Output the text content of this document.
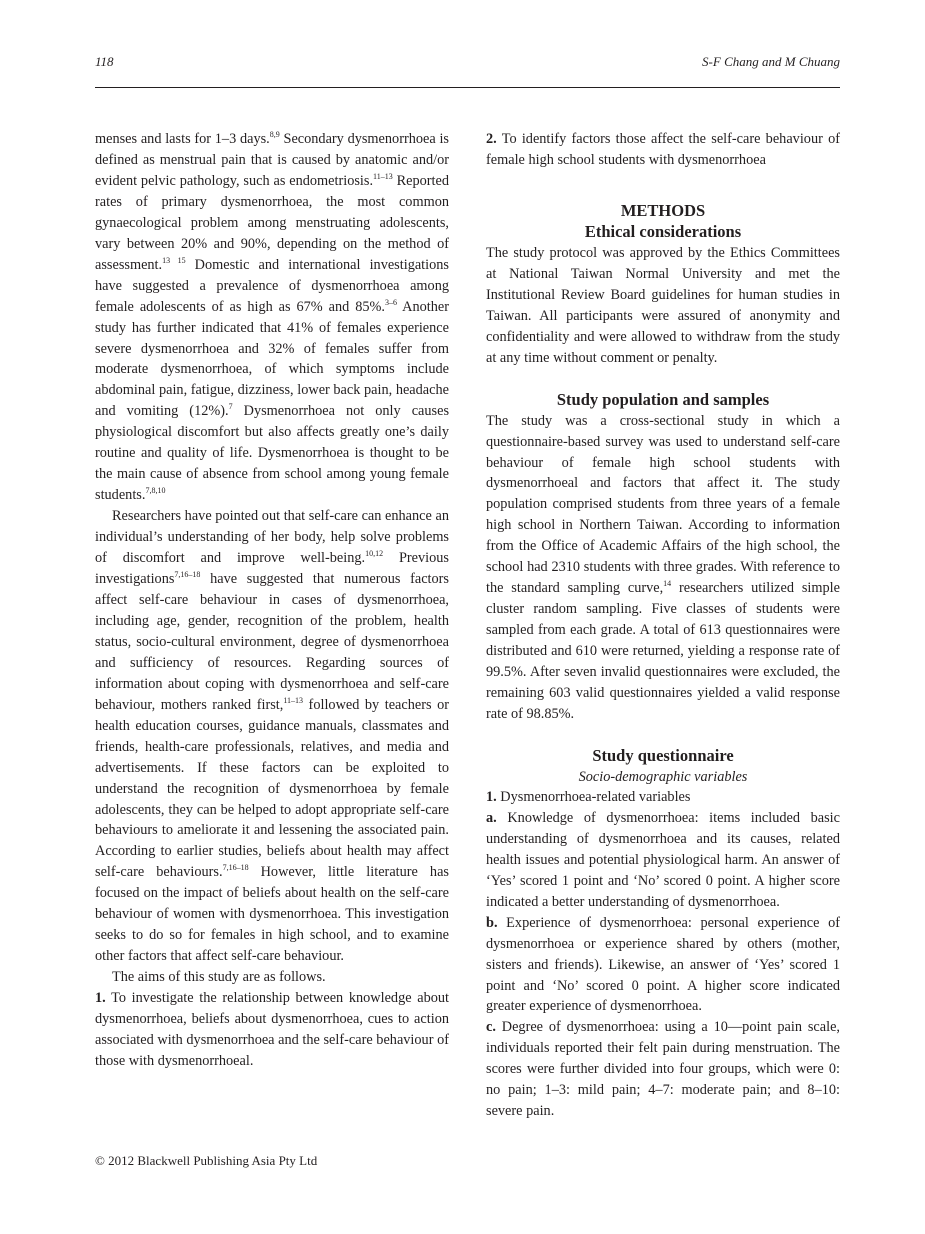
118	S-F Chang and M Chuang

menses and lasts for 1–3 days.$^{8,9}$ Secondary dysmenorrhoea is defined as menstrual pain that is caused by anatomic and/or evident pelvic pathology, such as endometriosis.$^{11-13}$ Reported rates of primary dysmenorrhoea, the most common gynaecological problem among menstruating adolescents, vary between 20% and 90%, depending on the method of assessment.$^{13 15}$ Domestic and international investigations have suggested a prevalence of dysmenorrhoea among female adolescents of as high as 67% and 85%.$^{3-6}$ Another study has further indicated that 41% of females experience severe dysmenorrhoea and 32% of females suffer from moderate dysmenorrhoea, of which symptoms include abdominal pain, fatigue, dizziness, lower back pain, headache and vomiting (12%).$^7$ Dysmenorrhoea not only causes physiological discomfort but also affects greatly one’s daily routine and quality of life. Dysmenorrhoea is thought to be the main cause of absence from school among young female students.$^{7,8,10}$

Researchers have pointed out that self-care can enhance an individual’s understanding of her body, help solve problems of discomfort and improve well-being.$^{10,12}$ Previous investigations$^{7,16-18}$ have suggested that numerous factors affect self-care behaviour in cases of dysmenorrhoea, including age, gender, recognition of the problem, health status, socio-cultural environment, degree of dysmenorrhoea and sufficiency of resources. Regarding sources of information about coping with dysmenorrhoea and self-care behaviour, mothers ranked first,$^{11-13}$ followed by teachers or health education courses, guidance manuals, classmates and friends, health-care professionals, relatives, and media and advertisements. If these factors can be exploited to understand the recognition of dysmenorrhoea by female adolescents, they can be helped to adopt appropriate self-care behaviours to ameliorate it and lessening the associated pain. According to earlier studies, beliefs about health may affect self-care behaviours.$^{7,16-18}$ However, little literature has focused on the impact of beliefs about health on the self-care behaviour of women with dysmenorrhoea. This investigation seeks to do so for females in high school, and to examine other factors that affect self-care behaviour.

The aims of this study are as follows.

1. To investigate the relationship between knowledge about dysmenorrhoea, beliefs about dysmenorrhoea, cues to action associated with dysmenorrhoea and the self-care behaviour of those with dysmenorrhoeal.

2. To identify factors those affect the self-care behaviour of female high school students with dysmenorrhoea

METHODS
Ethical considerations

The study protocol was approved by the Ethics Committees at National Taiwan Normal University and met the Institutional Review Board guidelines for human studies in Taiwan. All participants were assured of anonymity and confidentiality and were allowed to withdraw from the study at any time without comment or penalty.

Study population and samples

The study was a cross-sectional study in which a questionnaire-based survey was used to understand self-care behaviour of female high school students with dysmenorrhoeal and factors that affect it. The study population comprised students from three years of a female high school in Northern Taiwan. According to information from the Office of Academic Affairs of the high school, the school had 2310 students with three grades. With reference to the standard sampling curve,$^{14}$ researchers utilized simple cluster random sampling. Five classes of students were sampled from each grade. A total of 613 questionnaires were distributed and 610 were returned, yielding a response rate of 99.5%. After seven invalid questionnaires were excluded, the remaining 603 valid questionnaires yielded a valid response rate of 98.85%.

Study questionnaire
Socio-demographic variables

1. Dysmenorrhoea-related variables

a. Knowledge of dysmenorrhoea: items included basic understanding of dysmenorrhoea and its causes, related health issues and potential physiological harm. An answer of ‘Yes’ scored 1 point and ‘No’ scored 0 point. A higher score indicated a better understanding of dysmenorrhoea.

b. Experience of dysmenorrhoea: personal experience of dysmenorrhoea or experience shared by others (mother, sisters and friends). Likewise, an answer of ‘Yes’ scored 1 point and ‘No’ scored 0 point. A higher score indicated greater experience of dysmenorrhoea.

c. Degree of dysmenorrhoea: using a 10—point pain scale, individuals reported their felt pain during menstruation. The scores were further divided into four groups, which were 0: no pain; 1–3: mild pain; 4–7: moderate pain; and 8–10: severe pain.

© 2012 Blackwell Publishing Asia Pty Ltd
